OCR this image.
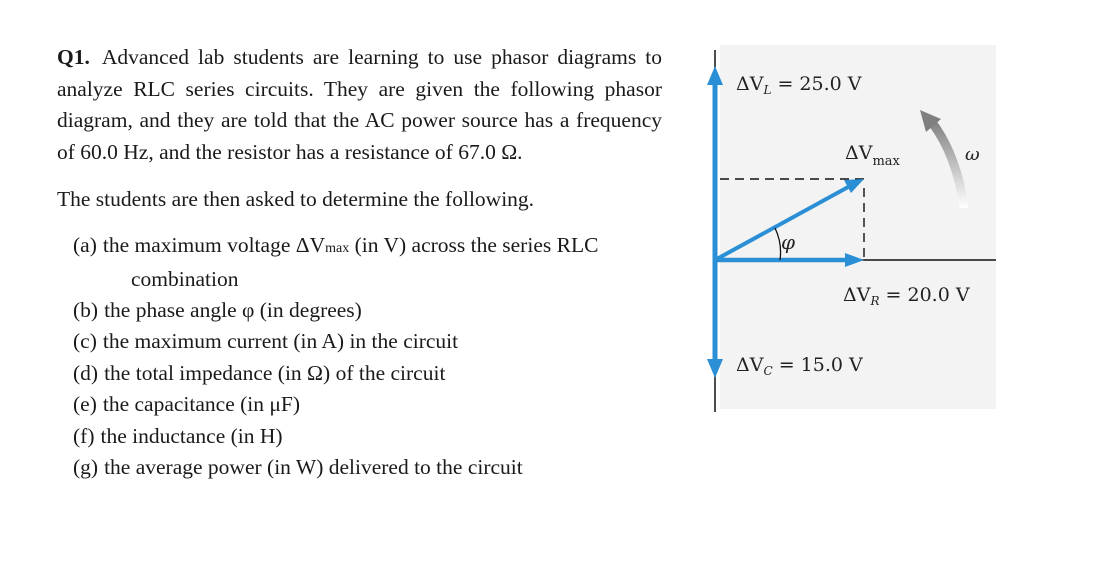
Q1. Advanced lab students are learning to use phasor diagrams to analyze RLC series circuits. They are given the following phasor diagram, and they are told that the AC power source has a frequency of 60.0 Hz, and the resistor has a resistance of 67.0 Ω.

The students are then asked to determine the following.

(a) the maximum voltage ΔVmax (in V) across the series RLC combination
(b) the phase angle φ (in degrees)
(c) the maximum current (in A) in the circuit
(d) the total impedance (in Ω) of the circuit
(e) the capacitance (in μF)
(f) the inductance (in H)
(g) the average power (in W) delivered to the circuit
$\Delta V_L = 25.0$ V
$\Delta V_{max}$	ω
φ
$\Delta V_R = 20.0$ V
$\Delta V_C = 15.0$ V
